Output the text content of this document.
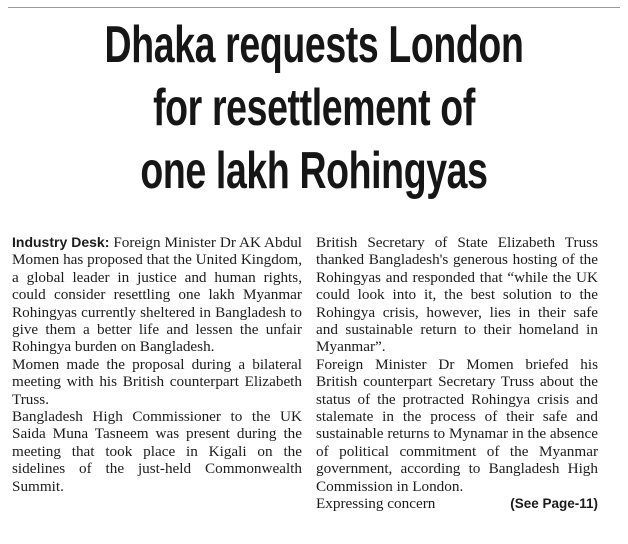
Dhaka requests London
for resettlement of
one lakh Rohingyas

Industry Desk: Foreign Minister Dr AK Abdul Momen has proposed that the United Kingdom, a global leader in justice and human rights, could consider resettling one lakh Myanmar Rohingyas currently sheltered in Bangladesh to give them a better life and lessen the unfair Rohingya burden on Bangladesh.

Momen made the proposal during a bilateral meeting with his British counterpart Elizabeth Truss.

Bangladesh High Commissioner to the UK Saida Muna Tasneem was present during the meeting that took place in Kigali on the sidelines of the just-held Commonwealth Summit.

British Secretary of State Elizabeth Truss thanked Bangladesh's generous hosting of the Rohingyas and responded that “while the UK could look into it, the best solution to the Rohingya crisis, however, lies in their safe and sustainable return to their homeland in Myanmar”.

Foreign Minister Dr Momen briefed his British counterpart Secretary Truss about the status of the protracted Rohingya crisis and stalemate in the process of their safe and sustainable returns to Mynamar in the absence of political commitment of the Myanmar government, according to Bangladesh High Commission in London.

Expressing concern	(See Page-11)
